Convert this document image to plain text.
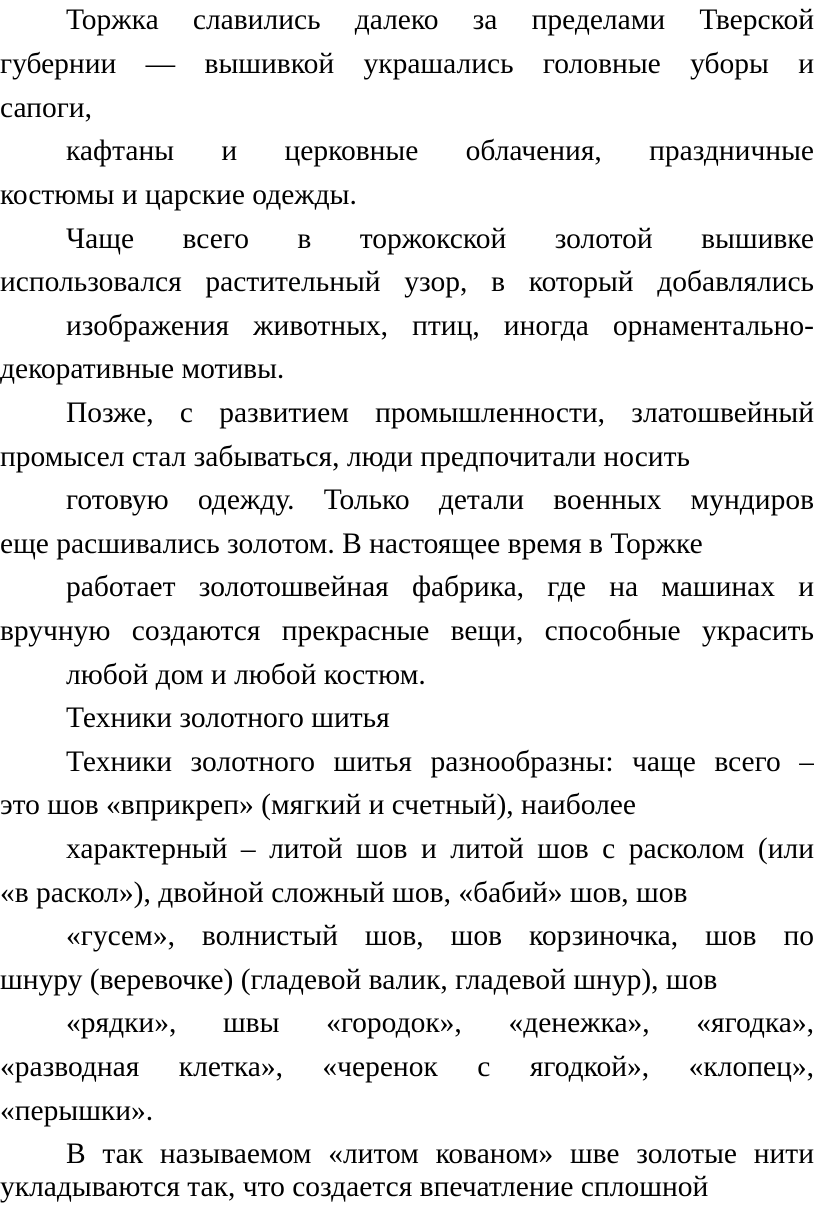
Торжка славились далеко за пределами Тверской
губернии — вышивкой украшались головные уборы и
сапоги,
кафтаны и церковные облачения, праздничные
костюмы и царские одежды.
Чаще всего в торжокской золотой вышивке
использовался растительный узор, в который добавлялись
изображения животных, птиц, иногда орнаментально-
декоративные мотивы.
Позже, с развитием промышленности, златошвейный
промысел стал забываться, люди предпочитали носить
готовую одежду. Только детали военных мундиров
еще расшивались золотом. В настоящее время в Торжке
работает золотошвейная фабрика, где на машинах и
вручную создаются прекрасные вещи, способные украсить
любой дом и любой костюм.
Техники золотного шитья
Техники золотного шитья разнообразны: чаще всего –
это шов «вприкреп» (мягкий и счетный), наиболее
характерный – литой шов и литой шов с расколом (или
«в раскол»), двойной сложный шов, «бабий» шов, шов
«гусем», волнистый шов, шов корзиночка, шов по
шнуру (веревочке) (гладевой валик, гладевой шнур), шов
«рядки», швы «городок», «денежка», «ягодка»,
«разводная клетка», «черенок с ягодкой», «клопец»,
«перышки».
В так называемом «литом кованом» шве золотые нити
укладываются так, что создается впечатление сплошной
